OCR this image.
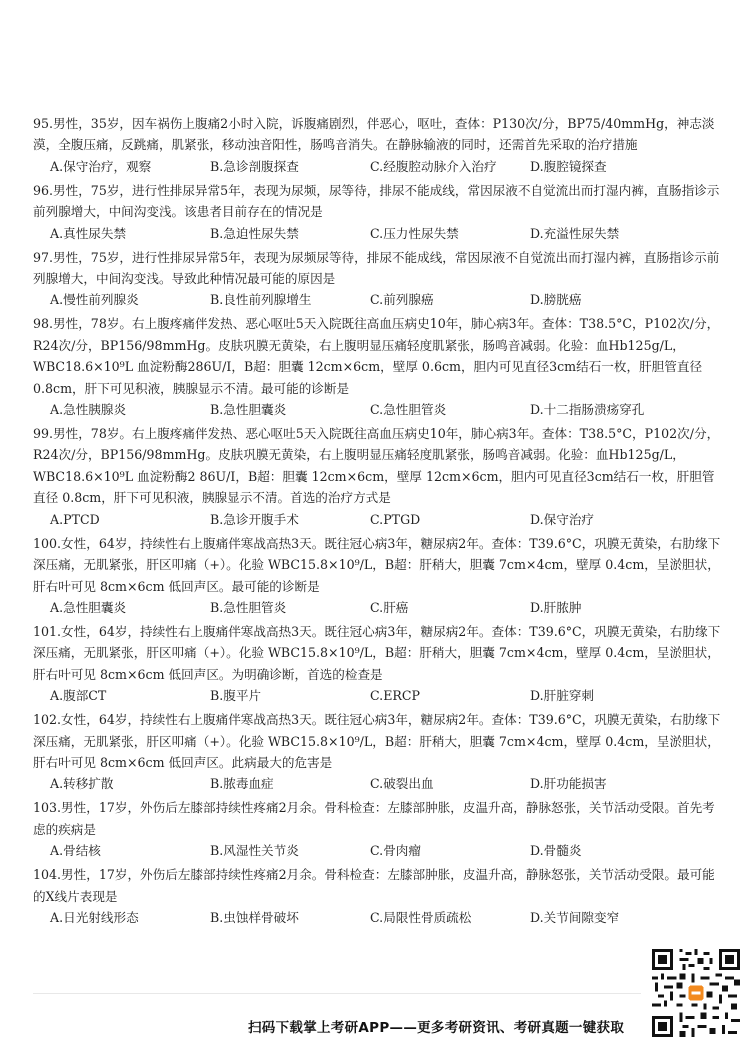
95.男性，35岁，因车祸伤上腹痛2小时入院，诉腹痛剧烈，伴恶心，呕吐，查体：P130次/分，BP75/40mmHg，神志淡漠，全腹压痛，反跳痛，肌紧张，移动浊音阳性，肠鸣音消失。在静脉输液的同时，还需首先采取的治疗措施

A.保守治疗，观察	B.急诊剖腹探查	C.经腹腔动脉介入治疗	D.腹腔镜探查

96.男性，75岁，进行性排尿异常5年，表现为尿频，尿等待，排尿不能成线，常因尿液不自觉流出而打湿内裤，直肠指诊示前列腺增大，中间沟变浅。该患者目前存在的情况是

A.真性尿失禁	B.急迫性尿失禁	C.压力性尿失禁	D.充溢性尿失禁

97.男性，75岁，进行性排尿异常5年，表现为尿频尿等待，排尿不能成线，常因尿液不自觉流出而打湿内裤，直肠指诊示前列腺增大，中间沟变浅。导致此种情况最可能的原因是

A.慢性前列腺炎	B.良性前列腺增生	C.前列腺癌	D.膀胱癌

98.男性，78岁。右上腹疼痛伴发热、恶心呕吐5天入院既往高血压病史10年，肺心病3年。查体：T38.5°C，P102次/分，R24次/分，BP156/98mmHg。皮肤巩膜无黄染，右上腹明显压痛轻度肌紧张，肠鸣音减弱。化验：血Hb125g/L，WBC18.6×10⁹L 血淀粉酶286U/I，B超：胆囊 12cm×6cm，壁厚 0.6cm，胆内可见直径3cm结石一枚，肝胆管直径 0.8cm，肝下可见积液，胰腺显示不清。最可能的诊断是

A.急性胰腺炎	B.急性胆囊炎	C.急性胆管炎	D.十二指肠溃疡穿孔

99.男性，78岁。右上腹疼痛伴发热、恶心呕吐5天入院既往高血压病史10年，肺心病3年。查体：T38.5°C，P102次/分，R24次/分，BP156/98mmHg。皮肤巩膜无黄染，右上腹明显压痛轻度肌紧张，肠鸣音减弱。化验：血Hb125g/L，WBC18.6×10⁹L 血淀粉酶2 86U/I，B超：胆囊 12cm×6cm，壁厚 12cm×6cm，胆内可见直径3cm结石一枚，肝胆管直径 0.8cm，肝下可见积液，胰腺显示不清。首选的治疗方式是

A.PTCD	B.急诊开腹手术	C.PTGD	D.保守治疗

100.女性，64岁，持续性右上腹痛伴寒战高热3天。既往冠心病3年，糖尿病2年。查体：T39.6°C，巩膜无黄染，右肋缘下深压痛，无肌紧张，肝区叩痛（+）。化验 WBC15.8×10⁹/L，B超：肝稍大，胆囊 7cm×4cm，壁厚 0.4cm，呈淤胆状，肝右叶可见 8cm×6cm 低回声区。最可能的诊断是

A.急性胆囊炎	B.急性胆管炎	C.肝癌	D.肝脓肿

101.女性，64岁，持续性右上腹痛伴寒战高热3天。既往冠心病3年，糖尿病2年。查体：T39.6°C，巩膜无黄染，右肋缘下深压痛，无肌紧张，肝区叩痛（+）。化验 WBC15.8×10⁹/L，B超：肝稍大，胆囊 7cm×4cm，壁厚 0.4cm，呈淤胆状，肝右叶可见 8cm×6cm 低回声区。为明确诊断，首选的检查是

A.腹部CT	B.腹平片	C.ERCP	D.肝脏穿刺

102.女性，64岁，持续性右上腹痛伴寒战高热3天。既往冠心病3年，糖尿病2年。查体：T39.6°C，巩膜无黄染，右肋缘下深压痛，无肌紧张，肝区叩痛（+）。化验 WBC15.8×10⁹/L，B超：肝稍大，胆囊 7cm×4cm，壁厚 0.4cm，呈淤胆状，肝右叶可见 8cm×6cm 低回声区。此病最大的危害是

A.转移扩散	B.脓毒血症	C.破裂出血	D.肝功能损害

103.男性，17岁，外伤后左膝部持续性疼痛2月余。骨科检查：左膝部肿胀，皮温升高，静脉怒张，关节活动受限。首先考虑的疾病是

A.骨结核	B.风湿性关节炎	C.骨肉瘤	D.骨髓炎

104.男性，17岁，外伤后左膝部持续性疼痛2月余。骨科检查：左膝部肿胀，皮温升高，静脉怒张，关节活动受限。最可能的X线片表现是

A.日光射线形态	B.虫蚀样骨破坏	C.局限性骨质疏松	D.关节间隙变窄
扫码下载掌上考研APP——更多考研资讯、考研真题一键获取
